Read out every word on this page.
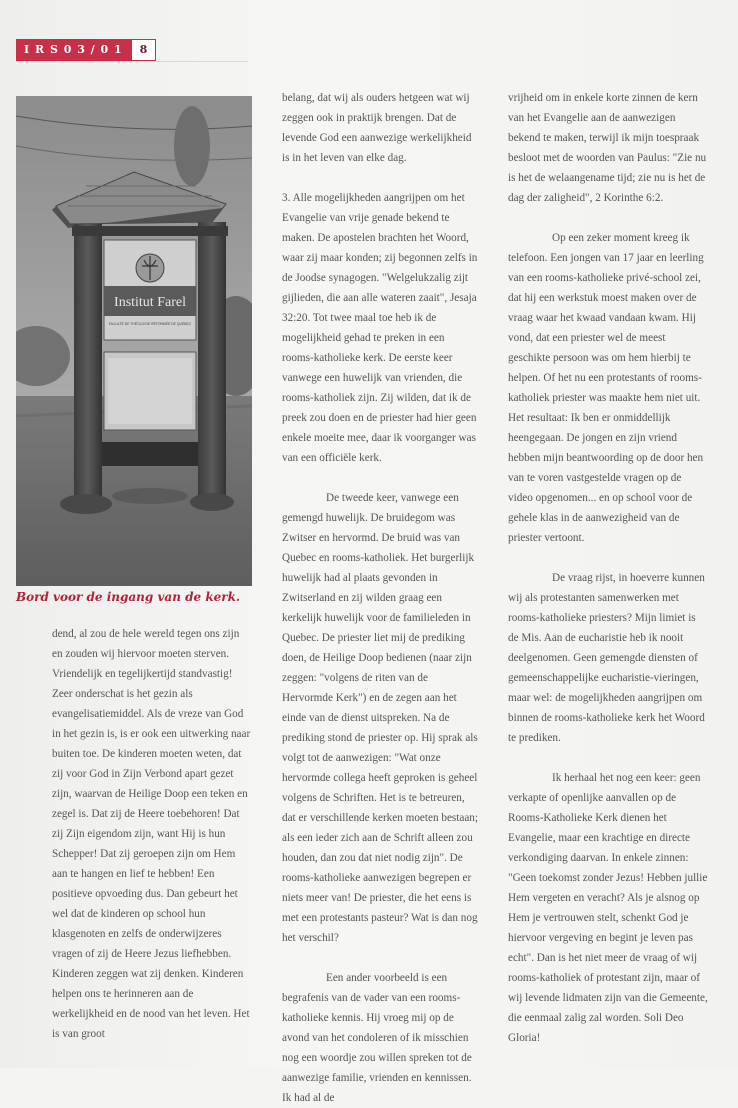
I R S 0 3 / 0 1	8
Institut Farel
FACULTÉ DE THÉOLOGIE RÉFORMÉE DE QUÉBEC

Bord voor de ingang van de kerk.

dend, al zou de hele wereld tegen ons zijn en zouden wij hiervoor moeten sterven. Vriendelijk en tegelijkertijd standvastig! Zeer onderschat is het gezin als evangelisatiemiddel. Als de vreze van God in het gezin is, is er ook een uitwerking naar buiten toe. De kinderen moeten weten, dat zij voor God in Zijn Verbond apart gezet zijn, waarvan de Heilige Doop een teken en zegel is. Dat zij de Heere toebehoren! Dat zij Zijn eigendom zijn, want Hij is hun Schepper! Dat zij geroepen zijn om Hem aan te hangen en lief te hebben! Een positieve opvoeding dus. Dan gebeurt het wel dat de kinderen op school hun klasgenoten en zelfs de onderwijzeres vragen of zij de Heere Jezus liefhebben. Kinderen zeggen wat zij denken. Kinderen helpen ons te herinneren aan de werkelijkheid en de nood van het leven. Het is van groot

belang, dat wij als ouders hetgeen wat wij zeggen ook in praktijk brengen. Dat de levende God een aanwezige werkelijkheid is in het leven van elke dag.

3. Alle mogelijkheden aangrijpen om het Evangelie van vrije genade bekend te maken. De apostelen brachten het Woord, waar zij maar konden; zij begonnen zelfs in de Joodse synagogen. "Welgelukzalig zijt gijlieden, die aan alle wateren zaait", Jesaja 32:20. Tot twee maal toe heb ik de mogelijkheid gehad te preken in een rooms-katholieke kerk. De eerste keer vanwege een huwelijk van vrienden, die rooms-katholiek zijn. Zij wilden, dat ik de preek zou doen en de priester had hier geen enkele moeite mee, daar ik voorganger was van een officiële kerk.

De tweede keer, vanwege een gemengd huwelijk. De bruidegom was Zwitser en hervormd. De bruid was van Quebec en rooms-katholiek. Het burgerlijk huwelijk had al plaats gevonden in Zwitserland en zij wilden graag een kerkelijk huwelijk voor de familieleden in Quebec. De priester liet mij de prediking doen, de Heilige Doop bedienen (naar zijn zeggen: "volgens de riten van de Hervormde Kerk") en de zegen aan het einde van de dienst uitspreken. Na de prediking stond de priester op. Hij sprak als volgt tot de aanwezigen: "Wat onze hervormde collega heeft geproken is geheel volgens de Schriften. Het is te betreuren, dat er verschillende kerken moeten bestaan; als een ieder zich aan de Schrift alleen zou houden, dan zou dat niet nodig zijn". De rooms-katholieke aanwezigen begrepen er niets meer van! De priester, die het eens is met een protestants pasteur? Wat is dan nog het verschil?

Een ander voorbeeld is een begrafenis van de vader van een rooms-katholieke kennis. Hij vroeg mij op de avond van het condoleren of ik misschien nog een woordje zou willen spreken tot de aanwezige familie, vrienden en kennissen. Ik had al de

vrijheid om in enkele korte zinnen de kern van het Evangelie aan de aanwezigen bekend te maken, terwijl ik mijn toespraak besloot met de woorden van Paulus: "Zie nu is het de welaangename tijd; zie nu is het de dag der zaligheid", 2 Korinthe 6:2.

Op een zeker moment kreeg ik telefoon. Een jongen van 17 jaar en leerling van een rooms-katholieke privé-school zei, dat hij een werkstuk moest maken over de vraag waar het kwaad vandaan kwam. Hij vond, dat een priester wel de meest geschikte persoon was om hem hierbij te helpen. Of het nu een protestants of rooms-katholiek priester was maakte hem niet uit. Het resultaat: Ik ben er onmiddellijk heengegaan. De jongen en zijn vriend hebben mijn beantwoording op de door hen van te voren vastgestelde vragen op de video opgenomen... en op school voor de gehele klas in de aanwezigheid van de priester vertoont.

De vraag rijst, in hoeverre kunnen wij als protestanten samenwerken met rooms-katholieke priesters? Mijn limiet is de Mis. Aan de eucharistie heb ik nooit deelgenomen. Geen gemengde diensten of gemeenschappelijke eucharistie-vieringen, maar wel: de mogelijkheden aangrijpen om binnen de rooms-katholieke kerk het Woord te prediken.

Ik herhaal het nog een keer: geen verkapte of openlijke aanvallen op de Rooms-Katholieke Kerk dienen het Evangelie, maar een krachtige en directe verkondiging daarvan. In enkele zinnen: "Geen toekomst zonder Jezus! Hebben jullie Hem vergeten en veracht? Als je alsnog op Hem je vertrouwen stelt, schenkt God je hiervoor vergeving en begint je leven pas echt". Dan is het niet meer de vraag of wij rooms-katholiek of protestant zijn, maar of wij levende lidmaten zijn van die Gemeente, die eenmaal zalig zal worden. Soli Deo Gloria!
